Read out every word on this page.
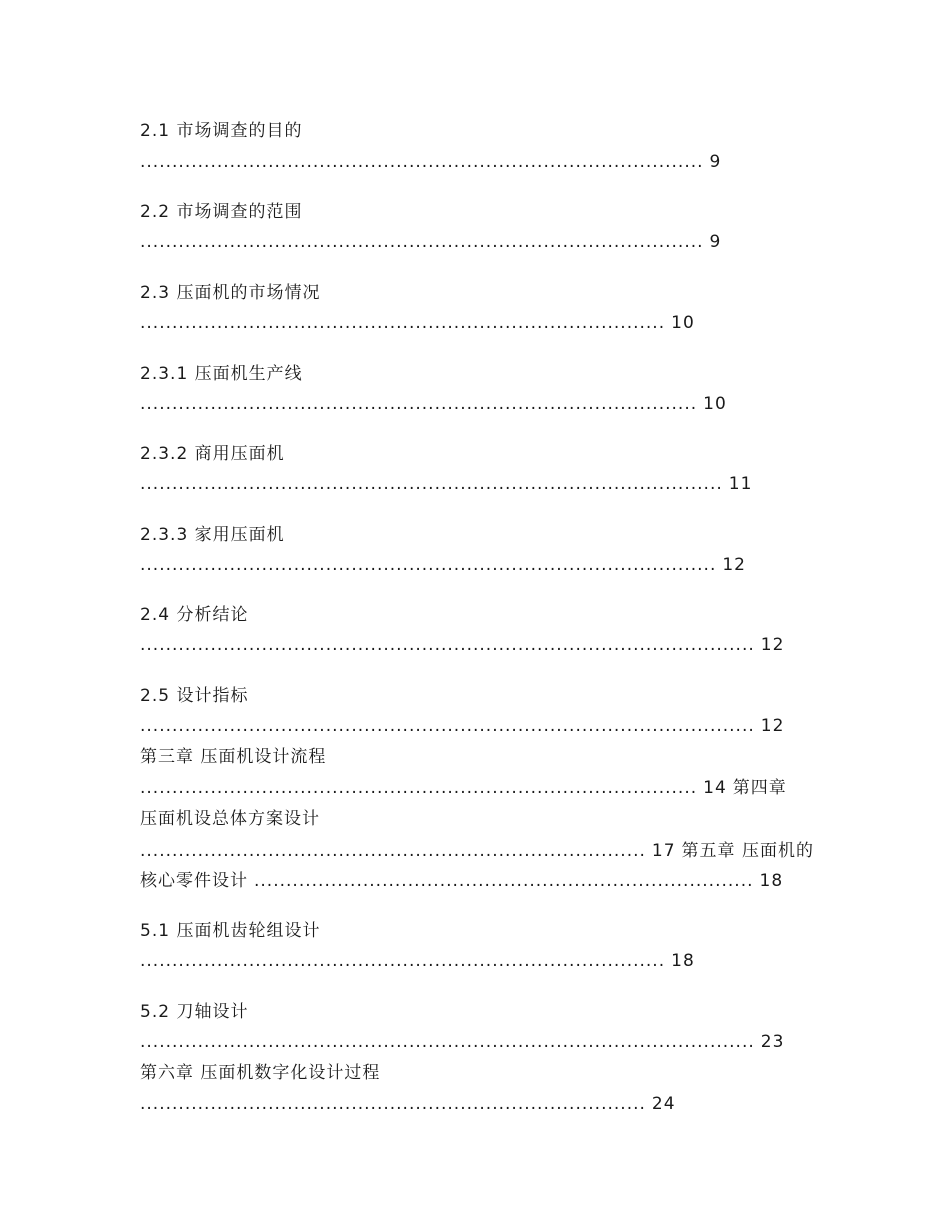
2.1 市场调查的目的
........................................................................................ 9
2.2 市场调查的范围
........................................................................................ 9
2.3 压面机的市场情况
.................................................................................. 10
2.3.1 压面机生产线
....................................................................................... 10
2.3.2 商用压面机
........................................................................................... 11
2.3.3 家用压面机
.......................................................................................... 12
2.4 分析结论
................................................................................................ 12
2.5 设计指标
................................................................................................ 12
第三章 压面机设计流程
....................................................................................... 14 第四章
压面机设总体方案设计
............................................................................... 17 第五章 压面机的
核心零件设计 .............................................................................. 18
5.1 压面机齿轮组设计
.................................................................................. 18
5.2 刀轴设计
................................................................................................ 23
第六章 压面机数字化设计过程
............................................................................... 24
